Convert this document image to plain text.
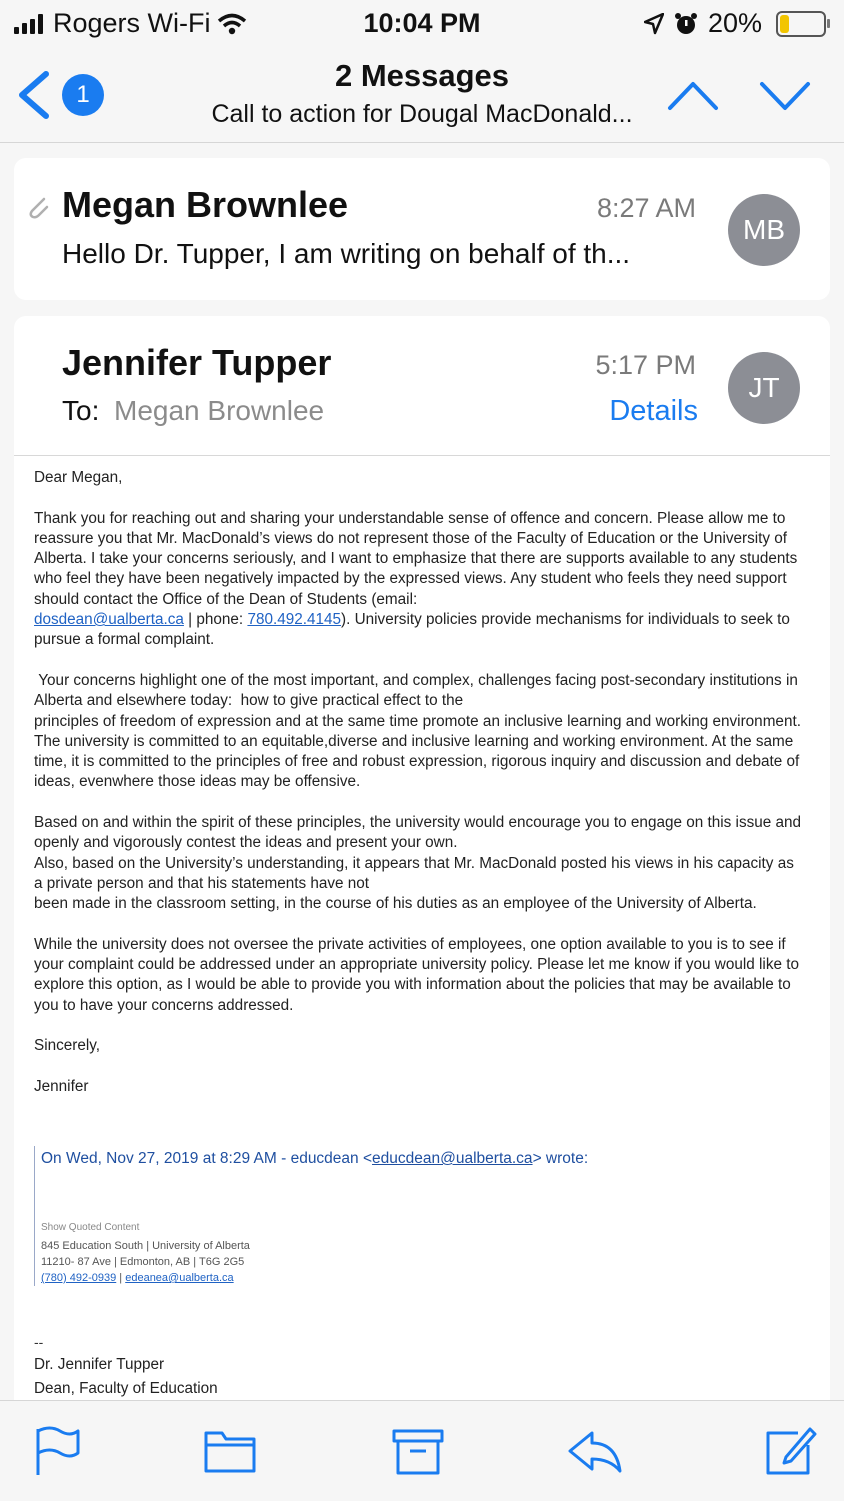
Rogers Wi-Fi	10:04 PM	20%
1
2 Messages
Call to action for Dougal MacDonald...
Megan Brownlee	8:27 AM
Hello Dr. Tupper, I am writing on behalf of th...
MB
Jennifer Tupper	5:17 PM
To: Megan Brownlee	Details
JT

Dear Megan,

Thank you for reaching out and sharing your understandable sense of offence and concern. Please allow me to reassure you that Mr. MacDonald’s views do not represent those of the Faculty of Education or the University of Alberta. I take your concerns seriously, and I want to emphasize that there are supports available to any students who feel they have been negatively impacted by the expressed views. Any student who feels they need support should contact the Office of the Dean of Students (email:
dosdean@ualberta.ca | phone: 780.492.4145). University policies provide mechanisms for individuals to seek to pursue a formal complaint.

Your concerns highlight one of the most important, and complex, challenges facing post-secondary institutions in Alberta and elsewhere today:  how to give practical effect to the

principles of freedom of expression and at the same time promote an inclusive learning and working environment. The university is committed to an equitable,diverse and inclusive learning and working environment. At the same time, it is committed to the principles of free and robust expression, rigorous inquiry and discussion and debate of ideas, evenwhere those ideas may be offensive.

Based on and within the spirit of these principles, the university would encourage you to engage on this issue and openly and vigorously contest the ideas and present your own.

Also, based on the University’s understanding, it appears that Mr. MacDonald posted his views in his capacity as a private person and that his statements have not

been made in the classroom setting, in the course of his duties as an employee of the University of Alberta.

While the university does not oversee the private activities of employees, one option available to you is to see if your complaint could be addressed under an appropriate university policy. Please let me know if you would like to explore this option, as I would be able to provide you with information about the policies that may be available to you to have your concerns addressed.

Sincerely,

Jennifer

On Wed, Nov 27, 2019 at 8:29 AM - educdean <educdean@ualberta.ca> wrote:
Show Quoted Content
845 Education South | University of Alberta
11210- 87 Ave | Edmonton, AB | T6G 2G5
(780) 492-0939 | edeanea@ualberta.ca
--
Dr. Jennifer Tupper
Dean, Faculty of Education
